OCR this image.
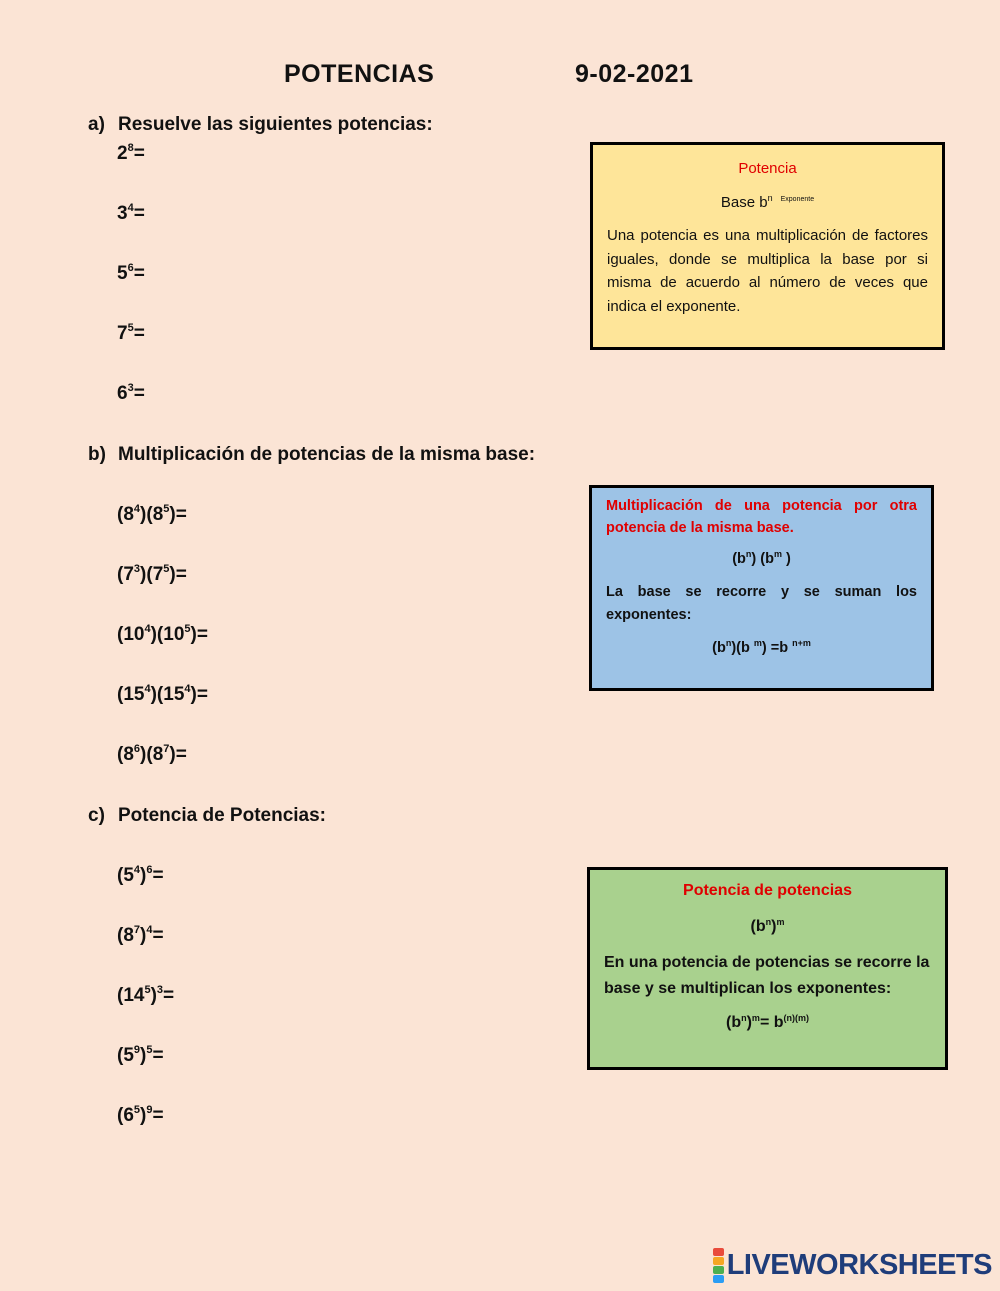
POTENCIAS	9-02-2021
a) Resuelve las siguientes potencias:
$2^8=$
$3^4=$
$5^6=$
$7^5=$
$6^3=$
b) Multiplicación de potencias de la misma base:
$(8^4)(8^5)=$
$(7^3)(7^5)=$
$(10^4)(10^5)=$
$(15^4)(15^4)=$
$(8^6)(8^7)=$
c) Potencia de Potencias:
$(5^4)^6=$
$(8^7)^4=$
$(14^5)^3=$
$(5^9)^5=$
$(6^5)^9=$
Potencia
Base $b^n$ $^{Exponente}$
Una potencia es una multiplicación de factores iguales, donde se multiplica la base por si misma de acuerdo al número de veces que indica el exponente.
Multiplicación de una potencia por otra potencia de la misma base.
$(b^n)$ ($b^m$ )
La base se recorre y se suman los exponentes:
$(b^n)(b$ $^m$) =b $^{n+m}$
Potencia de potencias
$(b^n)^m$
En una potencia de potencias se recorre la base y se multiplican los exponentes:
$(b^n)^m= b^{(n)(m)}$
LIVEWORKSHEETS
